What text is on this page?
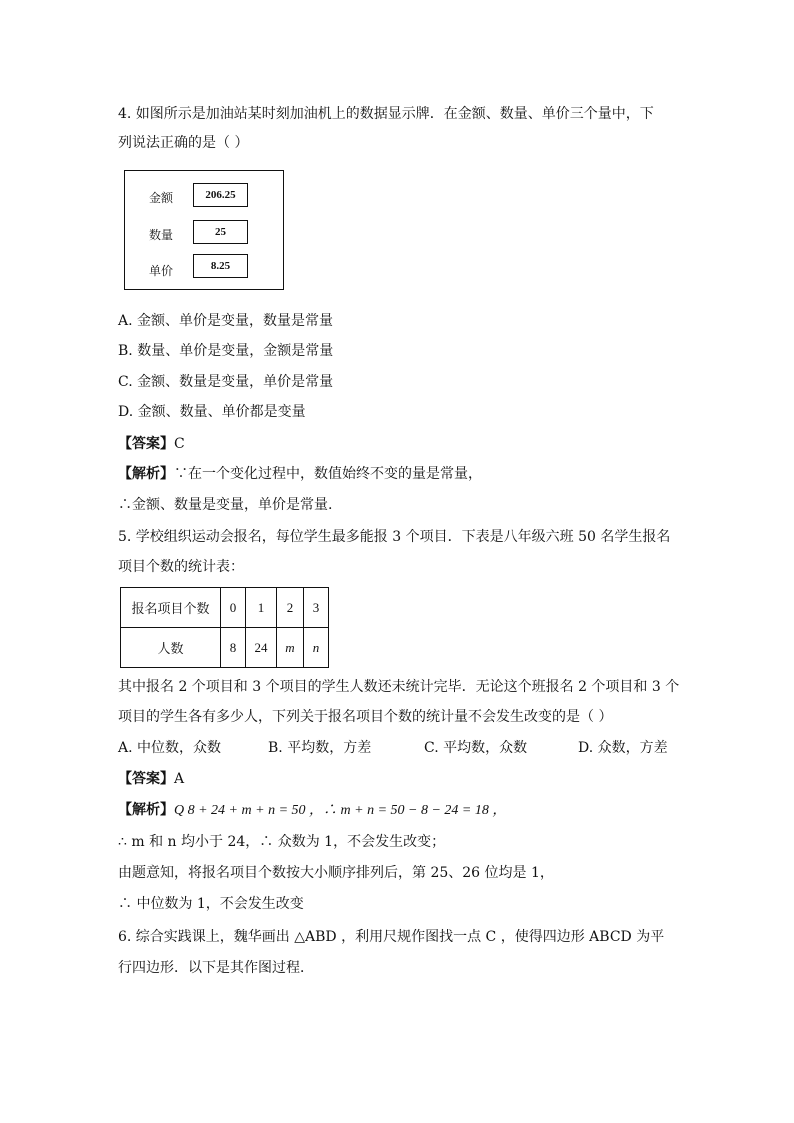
4. 如图所示是加油站某时刻加油机上的数据显示牌．在金额、数量、单价三个量中，下
列说法正确的是（ ）
金额	206.25
数量	25
单价	8.25
A. 金额、单价是变量，数量是常量
B. 数量、单价是变量，金额是常量
C. 金额、数量是变量，单价是常量
D. 金额、数量、单价都是变量
【答案】C
【解析】∵在一个变化过程中，数值始终不变的量是常量，
∴金额、数量是变量，单价是常量.
5. 学校组织运动会报名，每位学生最多能报 3 个项目．下表是八年级六班 50 名学生报名
项目个数的统计表：
报名项目个数	0	1	2	3
人数	8	24	m	n
其中报名 2 个项目和 3 个项目的学生人数还未统计完毕．无论这个班报名 2 个项目和 3 个
项目的学生各有多少人，下列关于报名项目个数的统计量不会发生改变的是（ ）
A. 中位数，众数	B. 平均数，方差	C. 平均数，众数	D. 众数，方差
【答案】A
【解析】Q 8 + 24 + m + n = 50 ，∴ m + n = 50 − 8 − 24 = 18 ，
∴ m 和 n 均小于 24，∴ 众数为 1，不会发生改变；
由题意知，将报名项目个数按大小顺序排列后，第 25、26 位均是 1，
∴ 中位数为 1，不会发生改变
6. 综合实践课上，魏华画出 △ABD ，利用尺规作图找一点 C ，使得四边形 ABCD 为平
行四边形．以下是其作图过程．
